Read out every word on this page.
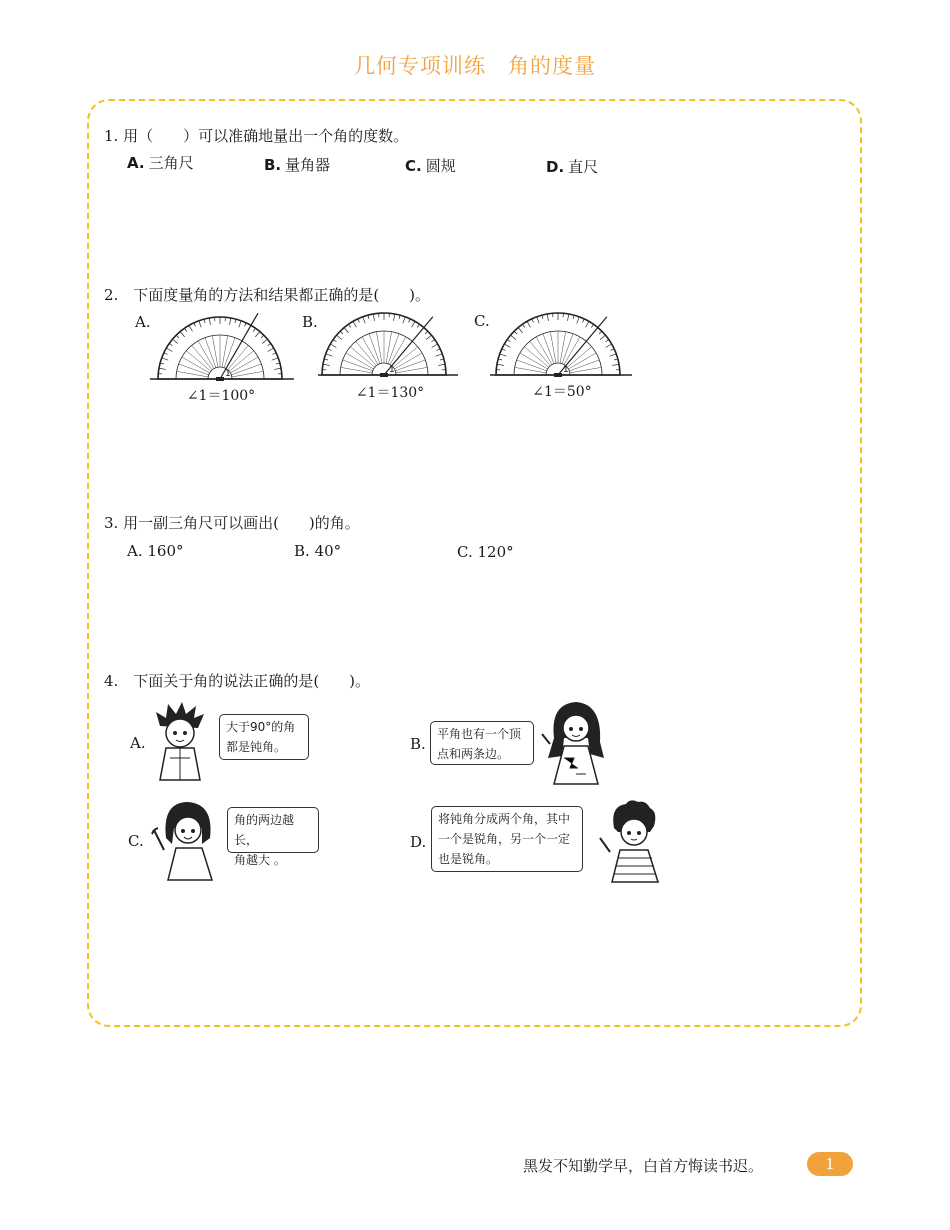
几何专项训练 角的度量
1. 用（　　）可以准确地量出一个角的度数。
A. 三角尺	B. 量角器	C. 圆规	D. 直尺
2.　下面度量角的方法和结果都正确的是(　　)。
A.	B.	C.
1	1	1
∠1＝100°	∠1＝130°	∠1＝50°
3. 用一副三角尺可以画出(　　)的角。
A. 160°	B. 40°	C. 120°
4.　下面关于角的说法正确的是(　　)。
A.
大于90°的角
都是钝角。	B.
平角也有一个顶
点和两条边。
C.
角的两边越长，
角越大 。
D.
将钝角分成两个角，其中
一个是锐角，另一个一定
也是锐角。
黑发不知勤学早，白首方悔读书迟。	1
